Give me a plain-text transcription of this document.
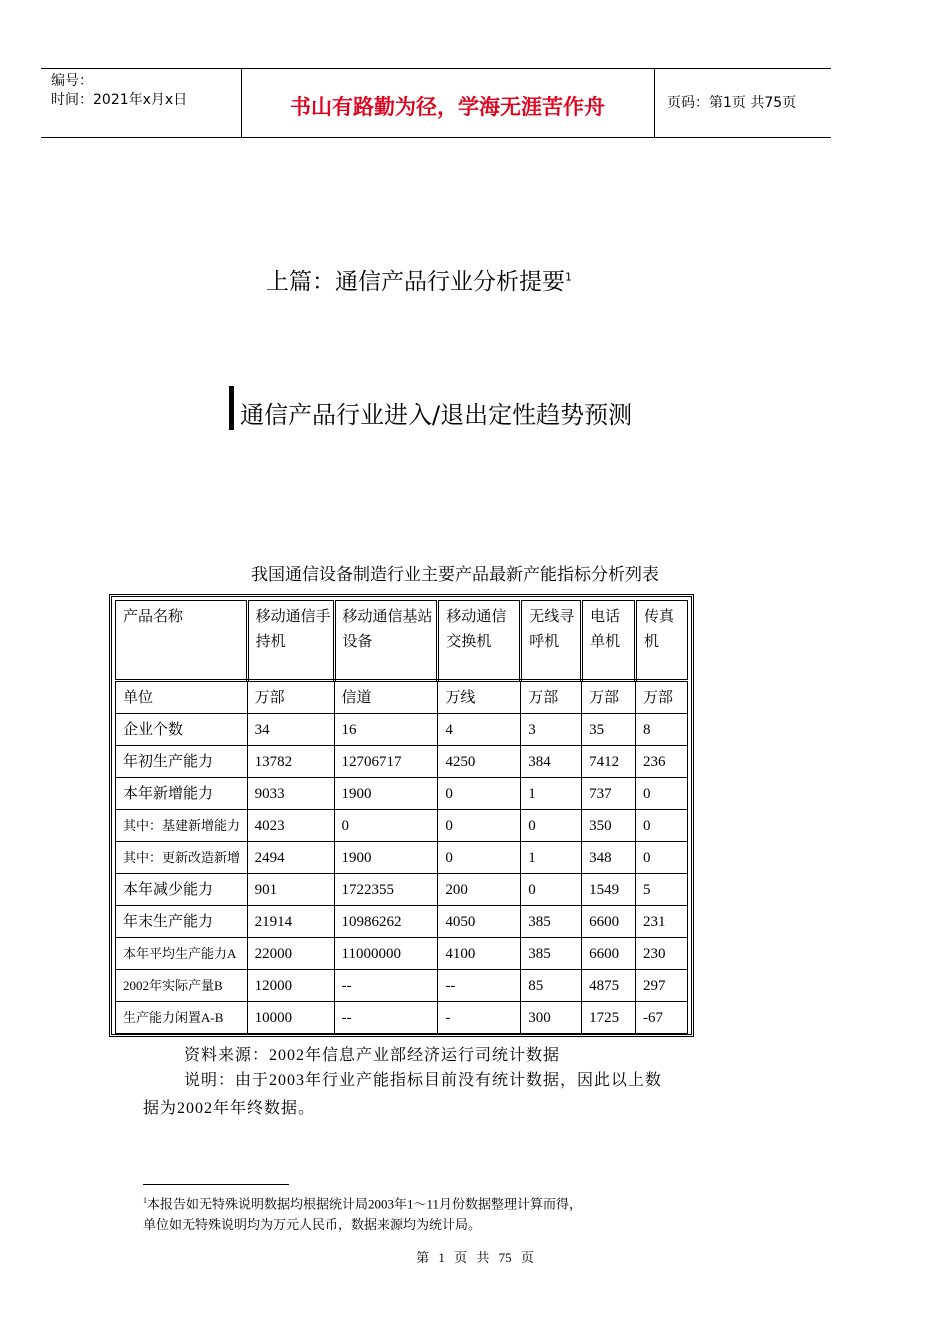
编号：
时间：2021年x月x日	书山有路勤为径，学海无涯苦作舟	页码：第1页 共75页
上篇：通信产品行业分析提要$^1$
通信产品行业进入/退出定性趋势预测
我国通信设备制造行业主要产品最新产能指标分析列表
产品名称	移动通信手持机	移动通信基站设备	移动通信交换机	无线寻呼机	电话单机	传真机
单位	万部	信道	万线	万部	万部	万部
企业个数	34	16	4	3	35	8
年初生产能力	13782	12706717	4250	384	7412	236
本年新增能力	9033	1900	0	1	737	0
其中：基建新增能力	4023	0	0	0	350	0
其中：更新改造新增	2494	1900	0	1	348	0
本年减少能力	901	1722355	200	0	1549	5
年末生产能力	21914	10986262	4050	385	6600	231
本年平均生产能力A	22000	11000000	4100	385	6600	230
2002年实际产量B	12000	--	--	85	4875	297
生产能力闲置A-B	10000	--	-	300	1725	-67
资料来源：2002年信息产业部经济运行司统计数据
说明：由于2003年行业产能指标目前没有统计数据，因此以上数
据为2002年年终数据。
$^1$本报告如无特殊说明数据均根据统计局2003年1～11月份数据整理计算而得，
单位如无特殊说明均为万元人民币，数据来源均为统计局。
第 1 页 共 75 页
